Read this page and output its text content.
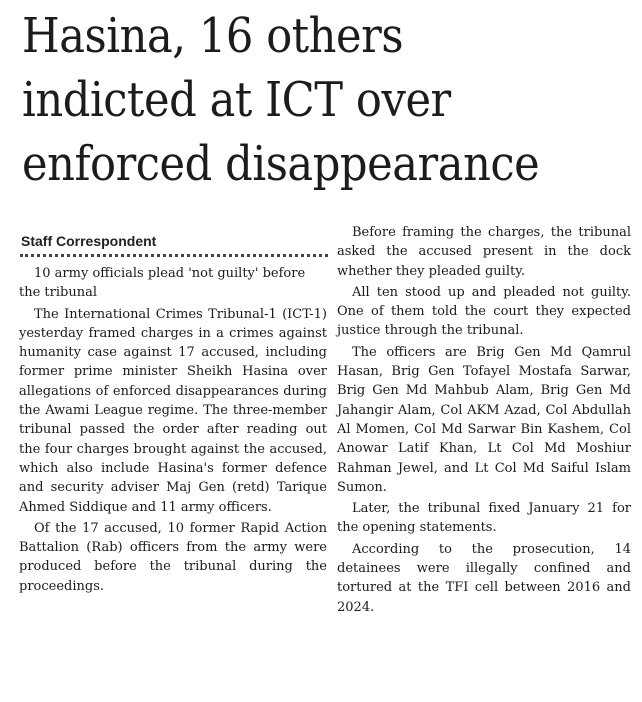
Hasina, 16 others
indicted at ICT over
enforced disappearance
Staff Correspondent

10 army officials plead 'not guilty' before the tribunal

The International Crimes Tribunal-1 (ICT-1) yesterday framed charges in a crimes against humanity case against 17 accused, including former prime minister Sheikh Hasina over allegations of enforced disappearances during the Awami League regime. The three-member tribunal passed the order after reading out the four charges brought against the accused, which also include Hasina's former defence and security adviser Maj Gen (retd) Tarique Ahmed Siddique and 11 army officers.

Of the 17 accused, 10 former Rapid Action Battalion (Rab) officers from the army were produced before the tribunal during the proceedings.

Before framing the charges, the tribunal asked the accused present in the dock whether they pleaded guilty.

All ten stood up and pleaded not guilty. One of them told the court they expected justice through the tribunal.

The officers are Brig Gen Md Qamrul Hasan, Brig Gen Tofayel Mostafa Sarwar, Brig Gen Md Mahbub Alam, Brig Gen Md Jahangir Alam, Col AKM Azad, Col Abdullah Al Momen, Col Md Sarwar Bin Kashem, Col Anowar Latif Khan, Lt Col Md Moshiur Rahman Jewel, and Lt Col Md Saiful Islam Sumon.

Later, the tribunal fixed January 21 for the opening statements.

According to the prosecution, 14 detainees were illegally confined and tortured at the TFI cell between 2016 and 2024.
